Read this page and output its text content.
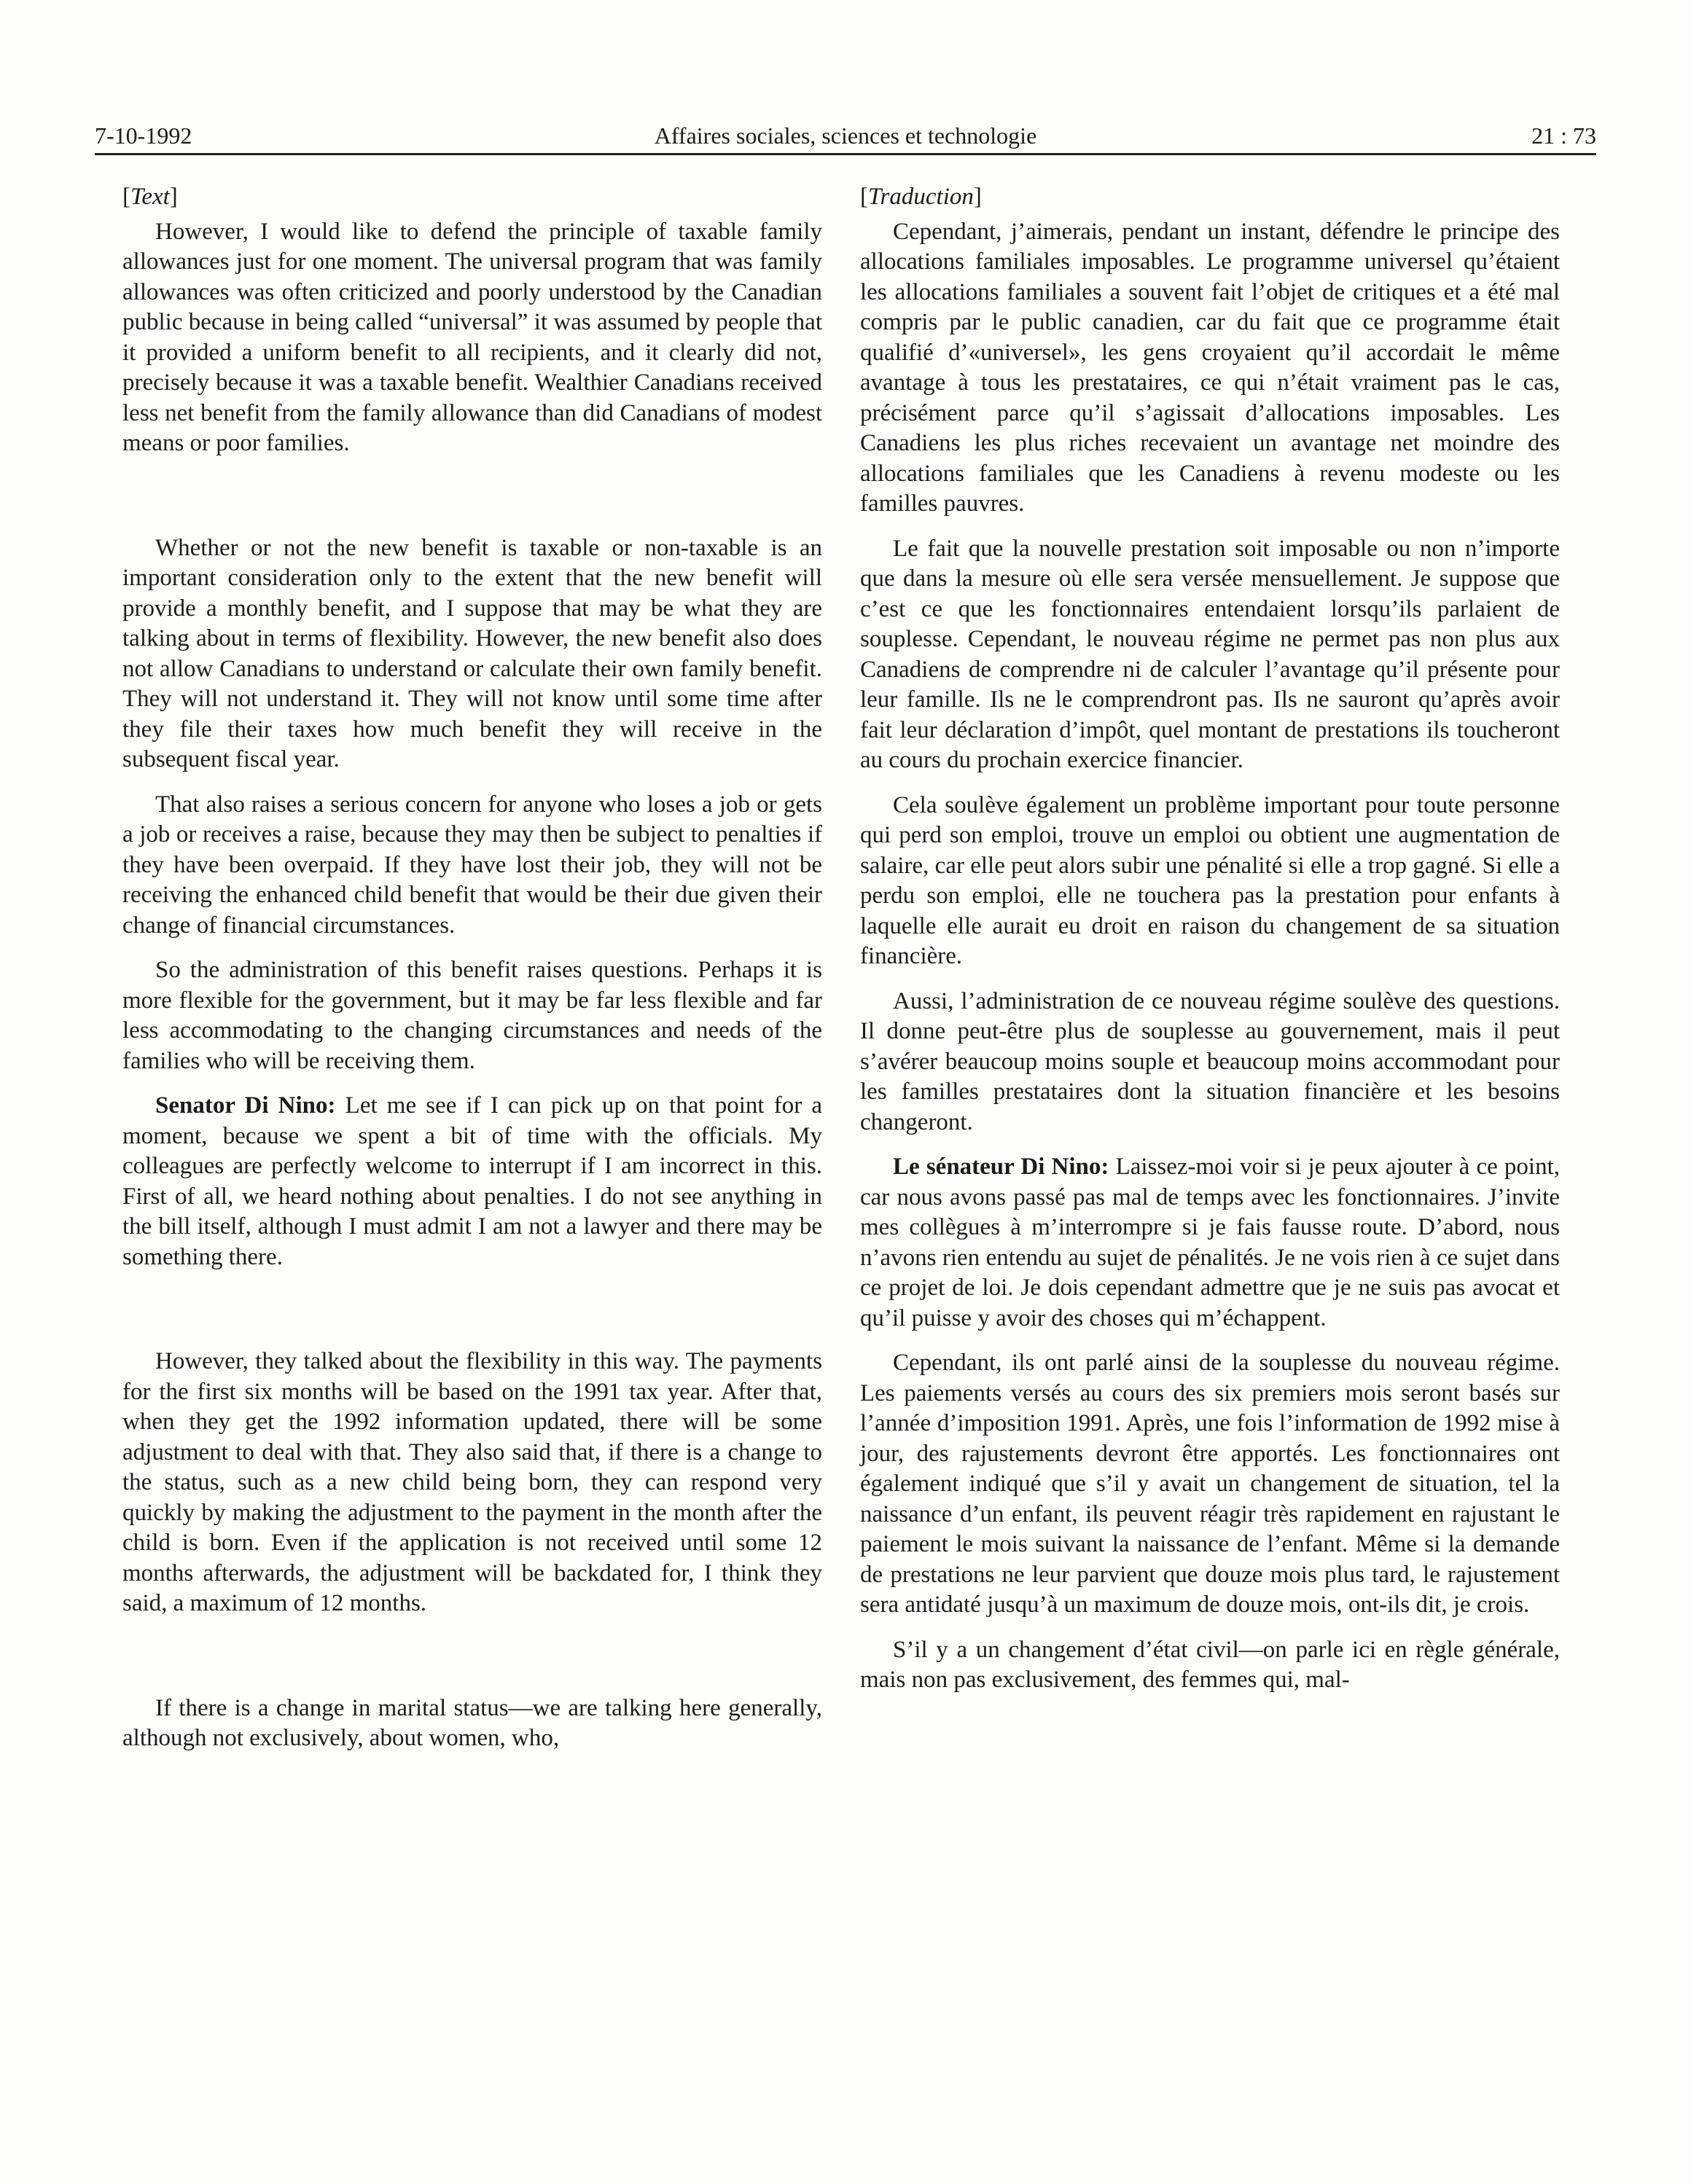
7-10-1992	Affaires sociales, sciences et technologie	21 : 73
[Text]

However, I would like to defend the principle of taxable family allowances just for one moment. The universal program that was family allowances was often criticized and poorly understood by the Canadian public because in being called “universal” it was assumed by people that it provided a uniform benefit to all recipients, and it clearly did not, precisely because it was a taxable benefit. Wealthier Canadians received less net benefit from the family allowance than did Canadians of modest means or poor families.

Whether or not the new benefit is taxable or non-taxable is an important consideration only to the extent that the new benefit will provide a monthly benefit, and I suppose that may be what they are talking about in terms of flexibility. However, the new benefit also does not allow Canadians to understand or calculate their own family benefit. They will not understand it. They will not know until some time after they file their taxes how much benefit they will receive in the subsequent fiscal year.

That also raises a serious concern for anyone who loses a job or gets a job or receives a raise, because they may then be subject to penalties if they have been overpaid. If they have lost their job, they will not be receiving the enhanced child benefit that would be their due given their change of financial circumstances.

So the administration of this benefit raises questions. Perhaps it is more flexible for the government, but it may be far less flexible and far less accommodating to the changing circumstances and needs of the families who will be receiving them.

Senator Di Nino: Let me see if I can pick up on that point for a moment, because we spent a bit of time with the officials. My colleagues are perfectly welcome to interrupt if I am incorrect in this. First of all, we heard nothing about penalties. I do not see anything in the bill itself, although I must admit I am not a lawyer and there may be something there.

However, they talked about the flexibility in this way. The payments for the first six months will be based on the 1991 tax year. After that, when they get the 1992 information updated, there will be some adjustment to deal with that. They also said that, if there is a change to the status, such as a new child being born, they can respond very quickly by making the adjustment to the payment in the month after the child is born. Even if the application is not received until some 12 months afterwards, the adjustment will be backdated for, I think they said, a maximum of 12 months.

If there is a change in marital status—we are talking here generally, although not exclusively, about women, who,

[Traduction]

Cependant, j’aimerais, pendant un instant, défendre le principe des allocations familiales imposables. Le programme universel qu’étaient les allocations familiales a souvent fait l’objet de critiques et a été mal compris par le public canadien, car du fait que ce programme était qualifié d’«universel», les gens croyaient qu’il accordait le même avantage à tous les prestataires, ce qui n’était vraiment pas le cas, précisément parce qu’il s’agissait d’allocations imposables. Les Canadiens les plus riches recevaient un avantage net moindre des allocations familiales que les Canadiens à revenu modeste ou les familles pauvres.

Le fait que la nouvelle prestation soit imposable ou non n’importe que dans la mesure où elle sera versée mensuellement. Je suppose que c’est ce que les fonctionnaires entendaient lorsqu’ils parlaient de souplesse. Cependant, le nouveau régime ne permet pas non plus aux Canadiens de comprendre ni de calculer l’avantage qu’il présente pour leur famille. Ils ne le comprendront pas. Ils ne sauront qu’après avoir fait leur déclaration d’impôt, quel montant de prestations ils toucheront au cours du prochain exercice financier.

Cela soulève également un problème important pour toute personne qui perd son emploi, trouve un emploi ou obtient une augmentation de salaire, car elle peut alors subir une pénalité si elle a trop gagné. Si elle a perdu son emploi, elle ne touchera pas la prestation pour enfants à laquelle elle aurait eu droit en raison du changement de sa situation financière.

Aussi, l’administration de ce nouveau régime soulève des questions. Il donne peut-être plus de souplesse au gouvernement, mais il peut s’avérer beaucoup moins souple et beaucoup moins accommodant pour les familles prestataires dont la situation financière et les besoins changeront.

Le sénateur Di Nino: Laissez-moi voir si je peux ajouter à ce point, car nous avons passé pas mal de temps avec les fonctionnaires. J’invite mes collègues à m’interrompre si je fais fausse route. D’abord, nous n’avons rien entendu au sujet de pénalités. Je ne vois rien à ce sujet dans ce projet de loi. Je dois cependant admettre que je ne suis pas avocat et qu’il puisse y avoir des choses qui m’échappent.

Cependant, ils ont parlé ainsi de la souplesse du nouveau régime. Les paiements versés au cours des six premiers mois seront basés sur l’année d’imposition 1991. Après, une fois l’information de 1992 mise à jour, des rajustements devront être apportés. Les fonctionnaires ont également indiqué que s’il y avait un changement de situation, tel la naissance d’un enfant, ils peuvent réagir très rapidement en rajustant le paiement le mois suivant la naissance de l’enfant. Même si la demande de prestations ne leur parvient que douze mois plus tard, le rajustement sera antidaté jusqu’à un maximum de douze mois, ont-ils dit, je crois.

S’il y a un changement d’état civil—on parle ici en règle générale, mais non pas exclusivement, des femmes qui, mal-
